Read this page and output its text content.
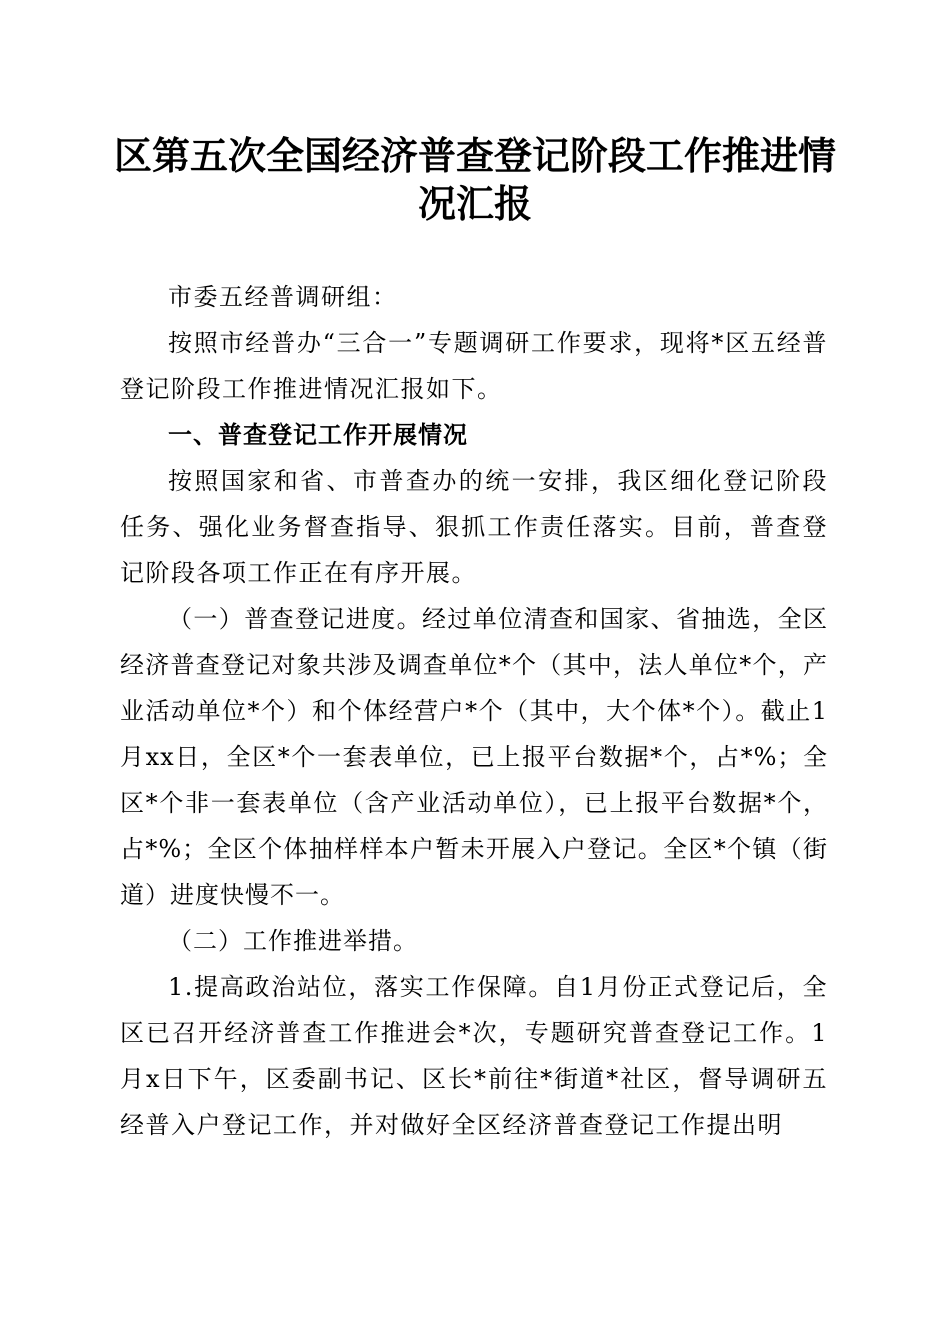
区第五次全国经济普查登记阶段工作推进情况汇报

市委五经普调研组：

按照市经普办“三合一”专题调研工作要求，现将*区五经普登记阶段工作推进情况汇报如下。

一、普查登记工作开展情况

按照国家和省、市普查办的统一安排，我区细化登记阶段任务、强化业务督查指导、狠抓工作责任落实。目前，普查登记阶段各项工作正在有序开展。

（一）普查登记进度。经过单位清查和国家、省抽选，全区经济普查登记对象共涉及调查单位*个（其中，法人单位*个，产业活动单位*个）和个体经营户*个（其中，大个体*个）。截止1月xx日，全区*个一套表单位，已上报平台数据*个，占*%；全区*个非一套表单位（含产业活动单位），已上报平台数据*个，占*%；全区个体抽样样本户暂未开展入户登记。全区*个镇（街道）进度快慢不一。

（二）工作推进举措。

1.提高政治站位，落实工作保障。自1月份正式登记后，全区已召开经济普查工作推进会*次，专题研究普查登记工作。1月x日下午，区委副书记、区长*前往*街道*社区，督导调研五经普入户登记工作，并对做好全区经济普查登记工作提出明
